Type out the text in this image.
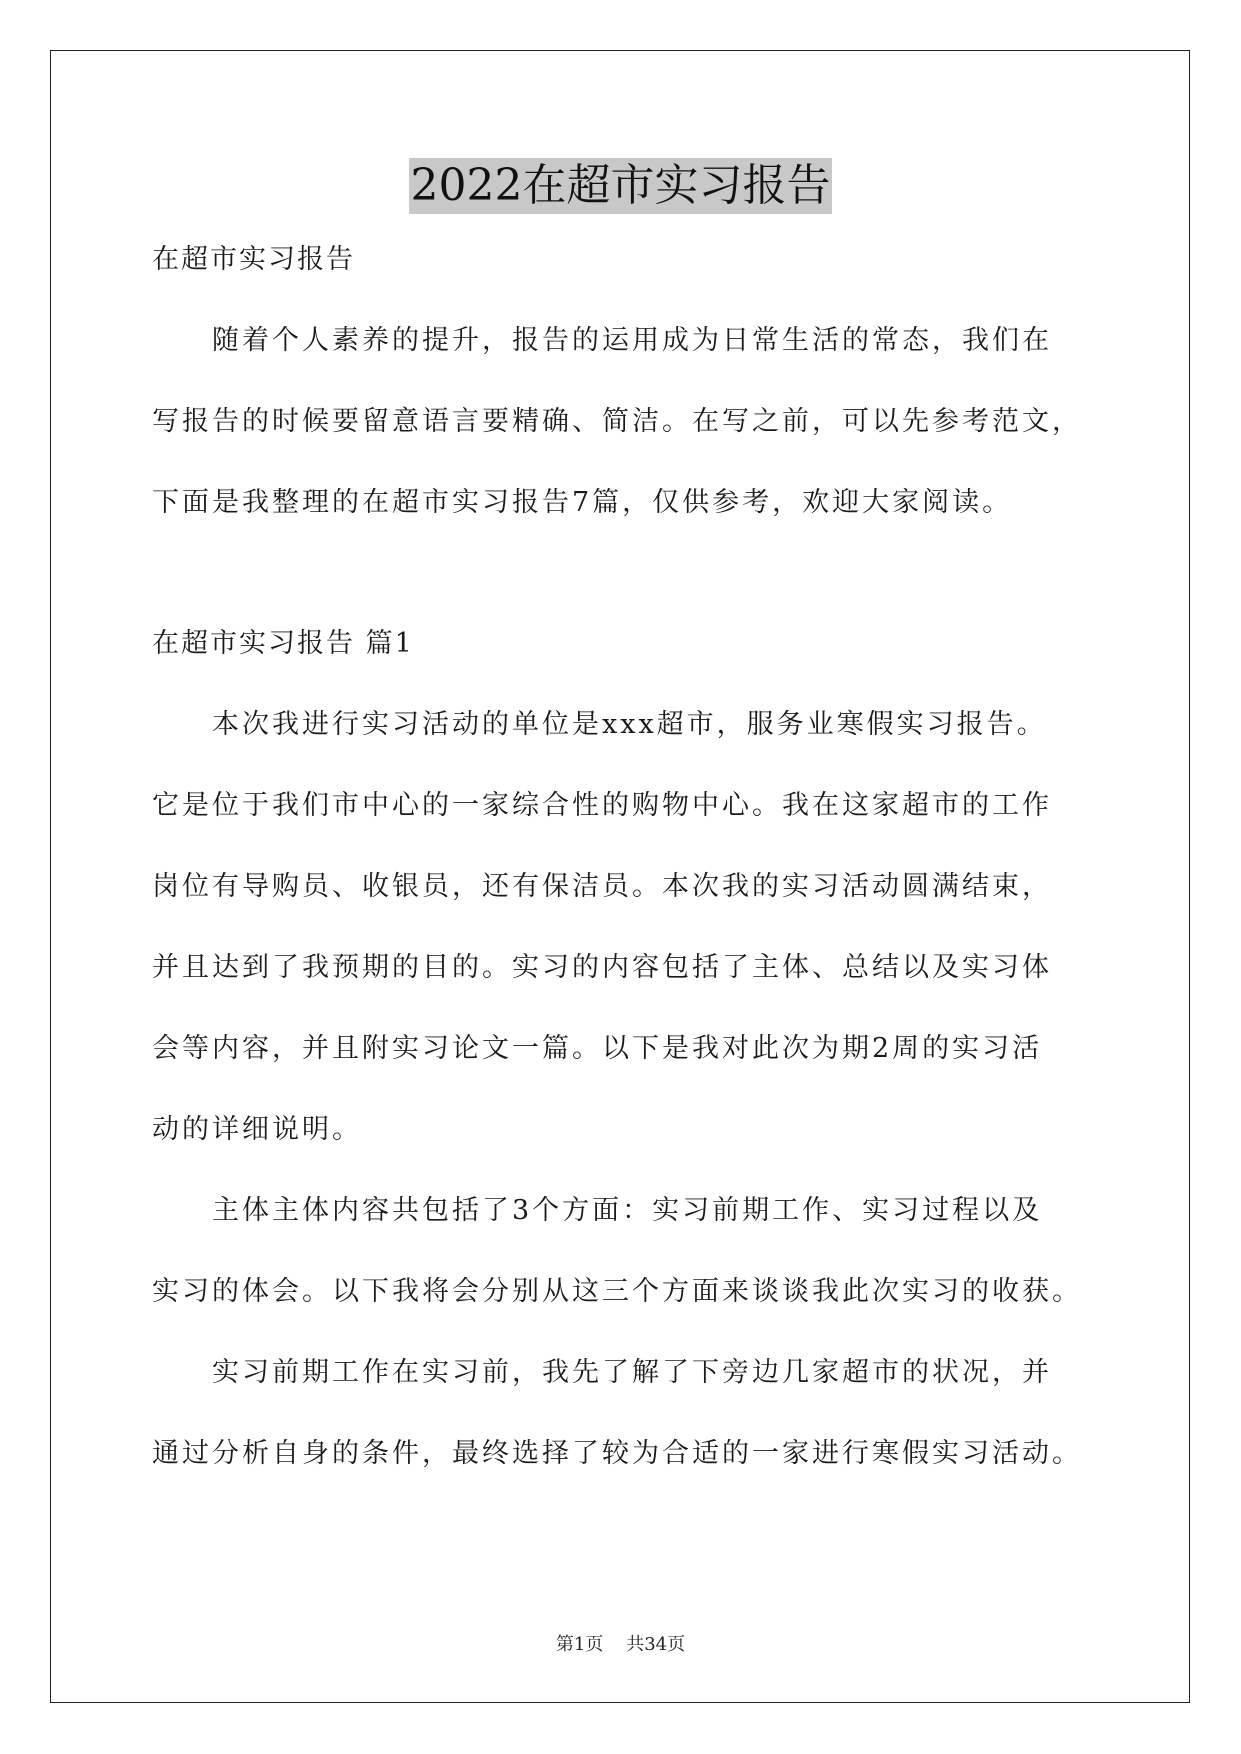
2022在超市实习报告
在超市实习报告
随着个人素养的提升，报告的运用成为日常生活的常态，我们在
写报告的时候要留意语言要精确、简洁。在写之前，可以先参考范文，
下面是我整理的在超市实习报告7篇，仅供参考，欢迎大家阅读。
在超市实习报告 篇1
本次我进行实习活动的单位是xxx超市，服务业寒假实习报告。
它是位于我们市中心的一家综合性的购物中心。我在这家超市的工作
岗位有导购员、收银员，还有保洁员。本次我的实习活动圆满结束，
并且达到了我预期的目的。实习的内容包括了主体、总结以及实习体
会等内容，并且附实习论文一篇。以下是我对此次为期2周的实习活
动的详细说明。
主体主体内容共包括了3个方面：实习前期工作、实习过程以及
实习的体会。以下我将会分别从这三个方面来谈谈我此次实习的收获。
实习前期工作在实习前，我先了解了下旁边几家超市的状况，并
通过分析自身的条件，最终选择了较为合适的一家进行寒假实习活动。
第1页 共34页
